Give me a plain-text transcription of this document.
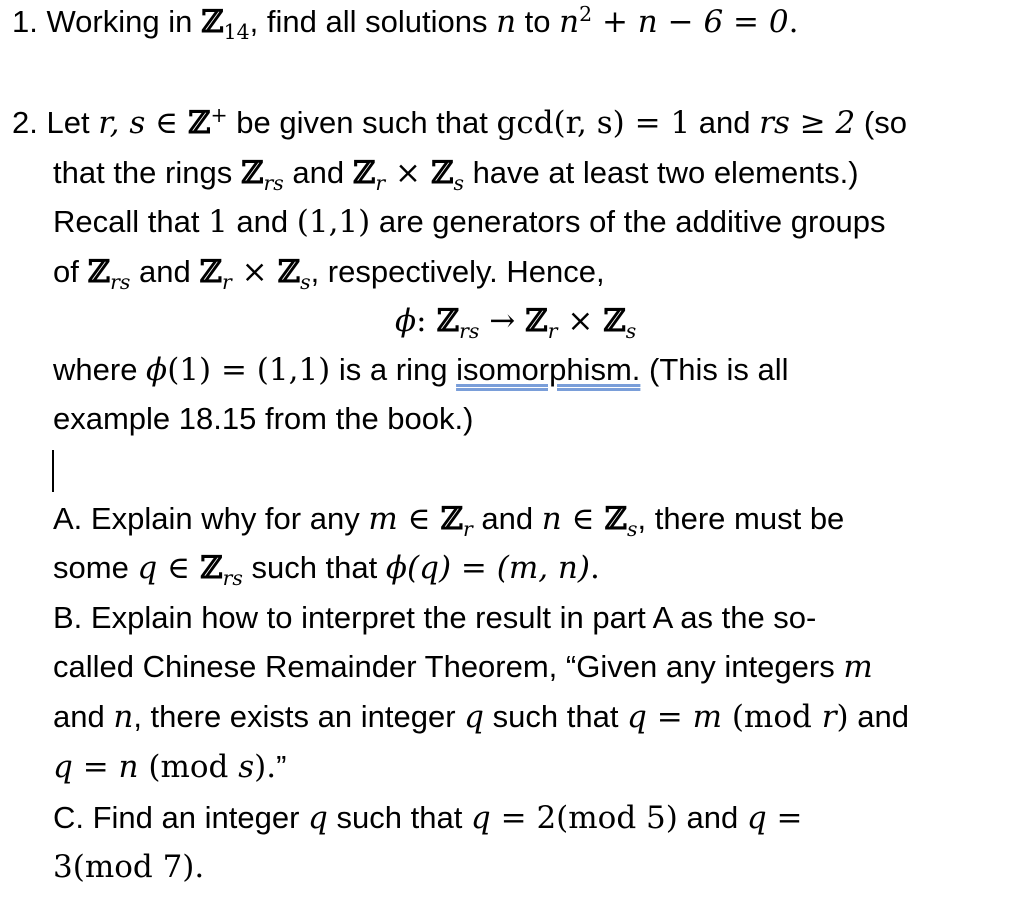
1. Working in ℤ$_{14}$, find all solutions n to $n^2 + n - 6 = 0$.
2. Let r, s ∈ ℤ+ be given such that gcd(r, s) = 1 and rs ≥ 2 (so
that the rings ℤ$_{rs}$ and ℤ$_r$ × ℤ$_s$ have at least two elements.)
Recall that 1 and (1,1) are generators of the additive groups
of ℤ$_{rs}$ and ℤ$_r$ × ℤ$_s$, respectively. Hence,
ϕ: ℤ$_{rs}$ → ℤ$_r$ × ℤ$_s$
where ϕ(1) = (1,1) is a ring isomorphism. (This is all
example 18.15 from the book.)
A. Explain why for any m ∈ ℤ$_r$ and n ∈ ℤ$_s$, there must be
some q ∈ ℤ$_{rs}$ such that ϕ(q) = (m, n).
B. Explain how to interpret the result in part A as the so-
called Chinese Remainder Theorem, “Given any integers m
and n, there exists an integer q such that q = m (mod r) and
q = n (mod s).”
C. Find an integer q such that q = 2(mod 5) and q =
3(mod 7).
